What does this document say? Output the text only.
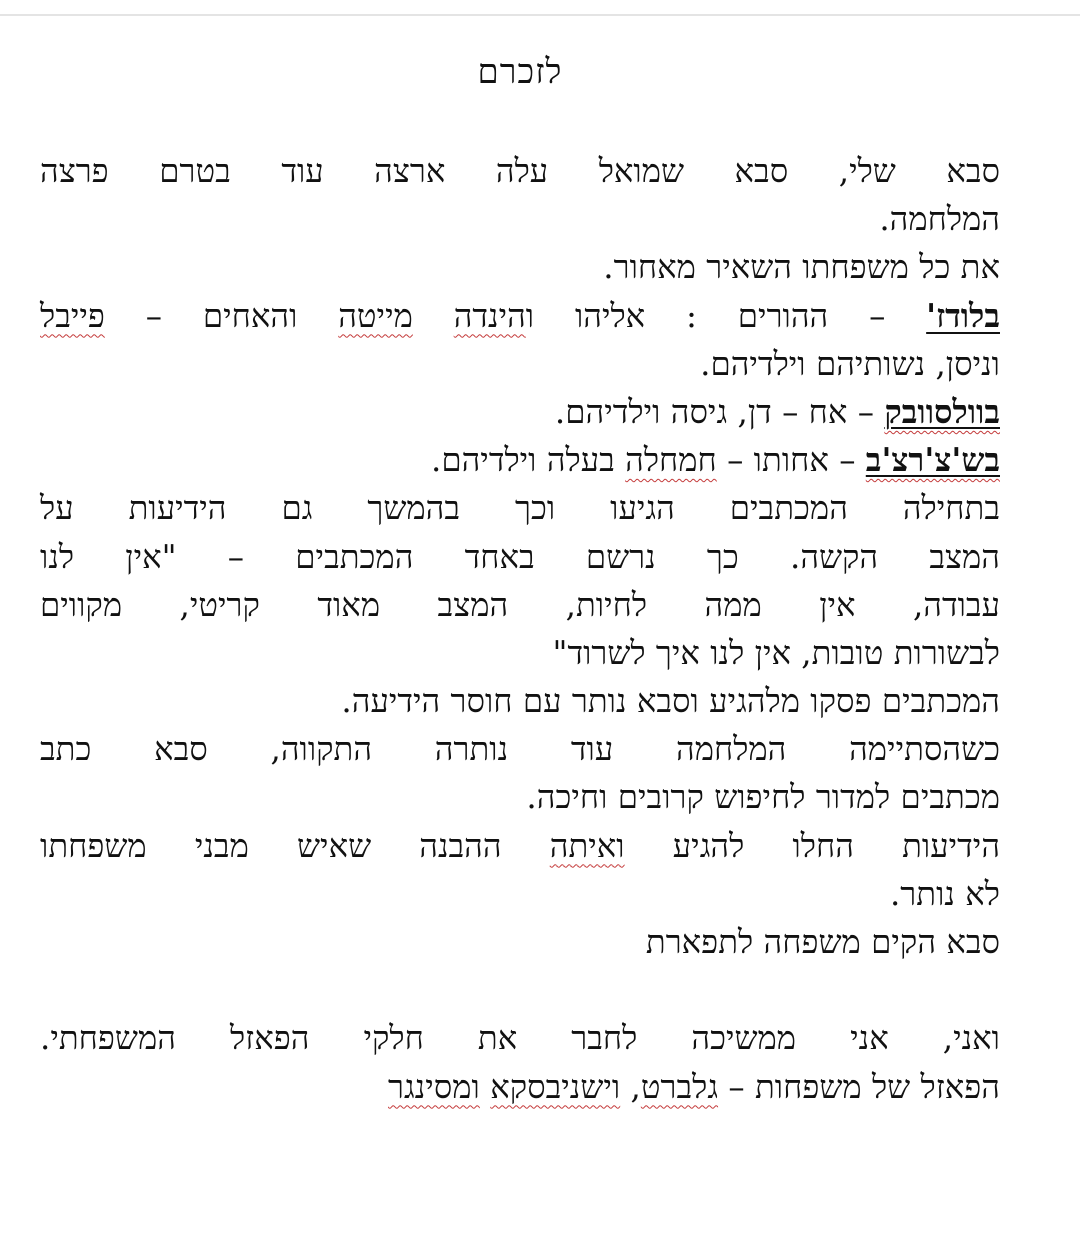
לזכרם
סבא שלי, סבא שמואל עלה ארצה עוד בטרם פרצה
המלחמה.
את כל משפחתו השאיר מאחור.
בלודז' – ההורים : אליהו והינדה מייטה והאחים – פייבל
וניסן, נשותיהם וילדיהם.
בוולסוובק – אח – דן, גיסה וילדיהם.
בש'צ'רצ'ב – אחותו – חמחלה בעלה וילדיהם.
בתחילה המכתבים הגיעו וכך בהמשך גם הידיעות על
המצב הקשה. כך נרשם באחד המכתבים – "אין לנו
עבודה, אין ממה לחיות, המצב מאוד קריטי, מקווים
לבשורות טובות, אין לנו איך לשרוד"
המכתבים פסקו מלהגיע וסבא נותר עם חוסר הידיעה.
כשהסתיימה המלחמה עוד נותרה התקווה, סבא כתב
מכתבים למדור לחיפוש קרובים וחיכה.
הידיעות החלו להגיע ואיתה ההבנה שאיש מבני משפחתו
לא נותר.
סבא הקים משפחה לתפארת
ואני, אני ממשיכה לחבר את חלקי הפאזל המשפחתי.
הפאזל של משפחות – גלברט, וישניבסקא ומסינגר
